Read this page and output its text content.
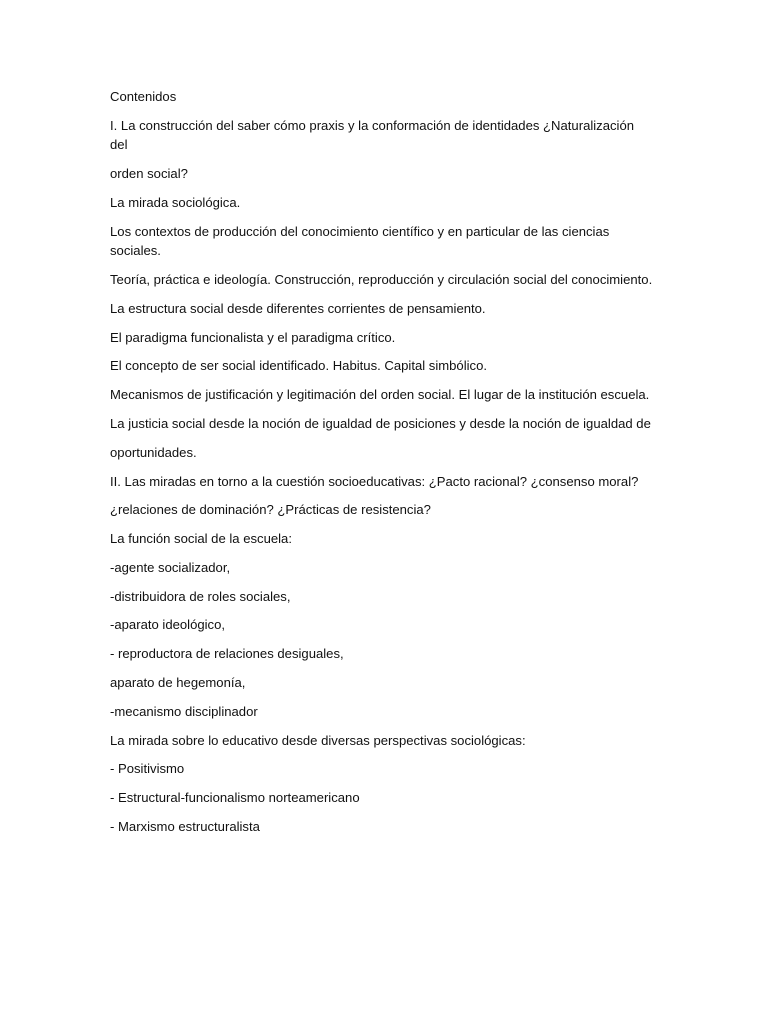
Contenidos

I. La construcción del saber cómo praxis y la conformación de identidades ¿Naturalización del

orden social?

La mirada sociológica.

Los contextos de producción del conocimiento científico y en particular de las ciencias sociales.

Teoría, práctica e ideología. Construcción, reproducción y circulación social del conocimiento.

La estructura social desde diferentes corrientes de pensamiento.

El paradigma funcionalista y el paradigma crítico.

El concepto de ser social identificado. Habitus. Capital simbólico.

Mecanismos de justificación y legitimación del orden social. El lugar de la institución escuela.

La justicia social desde la noción de igualdad de posiciones y desde la noción de igualdad de

oportunidades.

II. Las miradas en torno a la cuestión socioeducativas: ¿Pacto racional? ¿consenso moral?

¿relaciones de dominación? ¿Prácticas de resistencia?

La función social de la escuela:

-agente socializador,

-distribuidora de roles sociales,

-aparato ideológico,

- reproductora de relaciones desiguales,

aparato de hegemonía,

-mecanismo disciplinador

La mirada sobre lo educativo desde diversas perspectivas sociológicas:

- Positivismo

- Estructural-funcionalismo norteamericano

- Marxismo estructuralista
